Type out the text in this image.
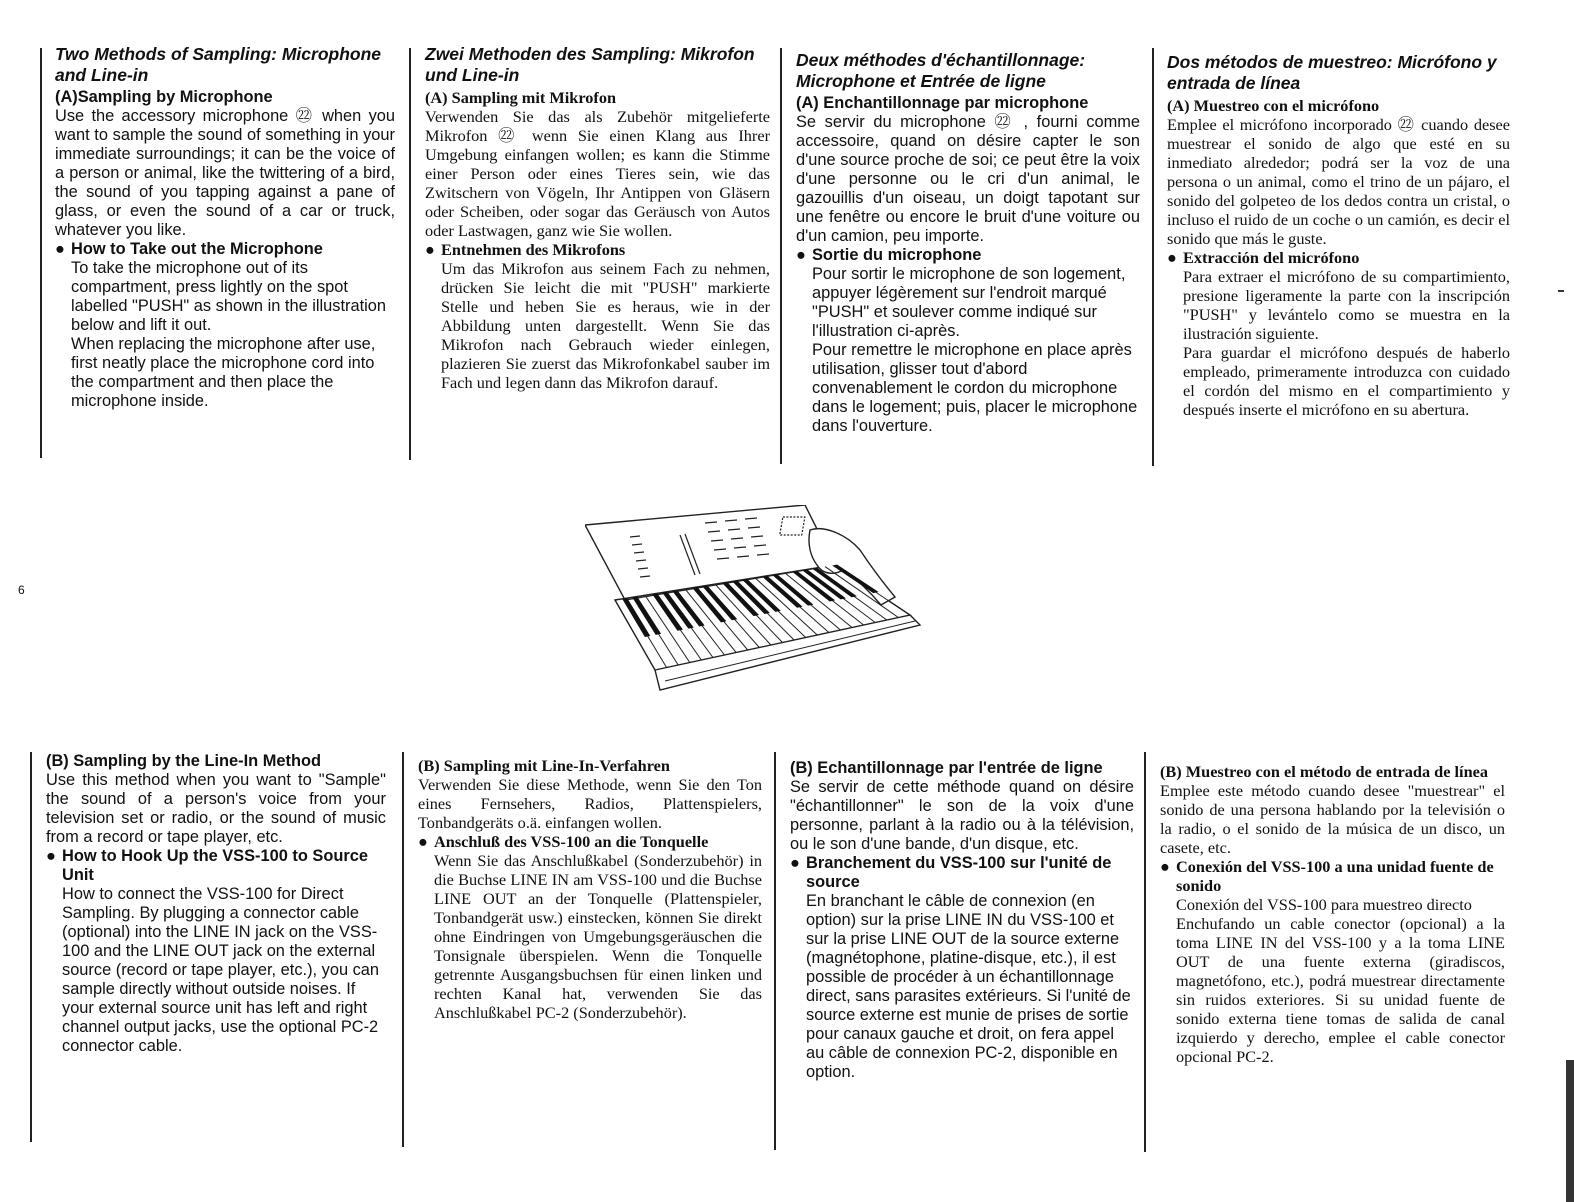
6

Two Methods of Sampling: Microphone and Line-in

(A)Sampling by Microphone

Use the accessory microphone ㉒ when you want to sample the sound of something in your immediate surroundings; it can be the voice of a person or animal, like the twittering of a bird, the sound of you tapping against a pane of glass, or even the sound of a car or truck, whatever you like.

● How to Take out the Microphone

To take the microphone out of its compartment, press lightly on the spot labelled "PUSH" as shown in the illustration below and lift it out.

When replacing the microphone after use, first neatly place the microphone cord into the compartment and then place the microphone inside.

Zwei Methoden des Sampling: Mikrofon und Line-in

(A) Sampling mit Mikrofon

Verwenden Sie das als Zubehör mitgelieferte Mikrofon ㉒ wenn Sie einen Klang aus Ihrer Umgebung einfangen wollen; es kann die Stimme einer Person oder eines Tieres sein, wie das Zwitschern von Vögeln, Ihr Antippen von Gläsern oder Scheiben, oder sogar das Geräusch von Autos oder Lastwagen, ganz wie Sie wollen.

● Entnehmen des Mikrofons

Um das Mikrofon aus seinem Fach zu nehmen, drücken Sie leicht die mit "PUSH" markierte Stelle und heben Sie es heraus, wie in der Abbildung unten dargestellt. Wenn Sie das Mikrofon nach Gebrauch wieder einlegen, plazieren Sie zuerst das Mikrofonkabel sauber im Fach und legen dann das Mikrofon darauf.

Deux méthodes d'échantillonnage: Microphone et Entrée de ligne

(A) Enchantillonnage par microphone

Se servir du microphone ㉒ , fourni comme accessoire, quand on désire capter le son d'une source proche de soi; ce peut être la voix d'une personne ou le cri d'un animal, le gazouillis d'un oiseau, un doigt tapotant sur une fenêtre ou encore le bruit d'une voiture ou d'un camion, peu importe.

● Sortie du microphone

Pour sortir le microphone de son logement, appuyer légèrement sur l'endroit marqué "PUSH" et soulever comme indiqué sur l'illustration ci-après.

Pour remettre le microphone en place après utilisation, glisser tout d'abord convenablement le cordon du microphone dans le logement; puis, placer le microphone dans l'ouverture.

Dos métodos de muestreo: Micrófono y entrada de línea

(A) Muestreo con el micrófono

Emplee el micrófono incorporado ㉒ cuando desee muestrear el sonido de algo que esté en su inmediato alrededor; podrá ser la voz de una persona o un animal, como el trino de un pájaro, el sonido del golpeteo de los dedos contra un cristal, o incluso el ruido de un coche o un camión, es decir el sonido que más le guste.

● Extracción del micrófono

Para extraer el micrófono de su compartimiento, presione ligeramente la parte con la inscripción "PUSH" y levántelo como se muestra en la ilustración siguiente.

Para guardar el micrófono después de haberlo empleado, primeramente introduzca con cuidado el cordón del mismo en el compartimiento y después inserte el micrófono en su abertura.

(B) Sampling by the Line-In Method

Use this method when you want to "Sample" the sound of a person's voice from your television set or radio, or the sound of music from a record or tape player, etc.

● How to Hook Up the VSS-100 to Source Unit

How to connect the VSS-100 for Direct Sampling. By plugging a connector cable (optional) into the LINE IN jack on the VSS-100 and the LINE OUT jack on the external source (record or tape player, etc.), you can sample directly without outside noises. If your external source unit has left and right channel output jacks, use the optional PC-2 connector cable.

(B) Sampling mit Line-In-Verfahren

Verwenden Sie diese Methode, wenn Sie den Ton eines Fernsehers, Radios, Plattenspielers, Tonbandgeräts o.ä. einfangen wollen.

● Anschluß des VSS-100 an die Tonquelle

Wenn Sie das Anschlußkabel (Sonderzubehör) in die Buchse LINE IN am VSS-100 und die Buchse LINE OUT an der Tonquelle (Plattenspieler, Tonbandgerät usw.) einstecken, können Sie direkt ohne Eindringen von Umgebungsgeräuschen die Tonsignale überspielen. Wenn die Tonquelle getrennte Ausgangsbuchsen für einen linken und rechten Kanal hat, verwenden Sie das Anschlußkabel PC-2 (Sonderzubehör).

(B) Echantillonnage par l'entrée de ligne

Se servir de cette méthode quand on désire "échantillonner" le son de la voix d'une personne, parlant à la radio ou à la télévision, ou le son d'une bande, d'un disque, etc.

● Branchement du VSS-100 sur l'unité de source

En branchant le câble de connexion (en option) sur la prise LINE IN du VSS-100 et sur la prise LINE OUT de la source externe (magnétophone, platine-disque, etc.), il est possible de procéder à un échantillonnage direct, sans parasites extérieurs. Si l'unité de source externe est munie de prises de sortie pour canaux gauche et droit, on fera appel au câble de connexion PC-2, disponible en option.

(B) Muestreo con el método de entrada de línea

Emplee este método cuando desee "muestrear" el sonido de una persona hablando por la televisión o la radio, o el sonido de la música de un disco, un casete, etc.

● Conexión del VSS-100 a una unidad fuente de sonido

Conexión del VSS-100 para muestreo directo

Enchufando un cable conector (opcional) a la toma LINE IN del VSS-100 y a la toma LINE OUT de una fuente externa (giradiscos, magnetófono, etc.), podrá muestrear directamente sin ruidos exteriores. Si su unidad fuente de sonido externa tiene tomas de salida de canal izquierdo y derecho, emplee el cable conector opcional PC-2.
